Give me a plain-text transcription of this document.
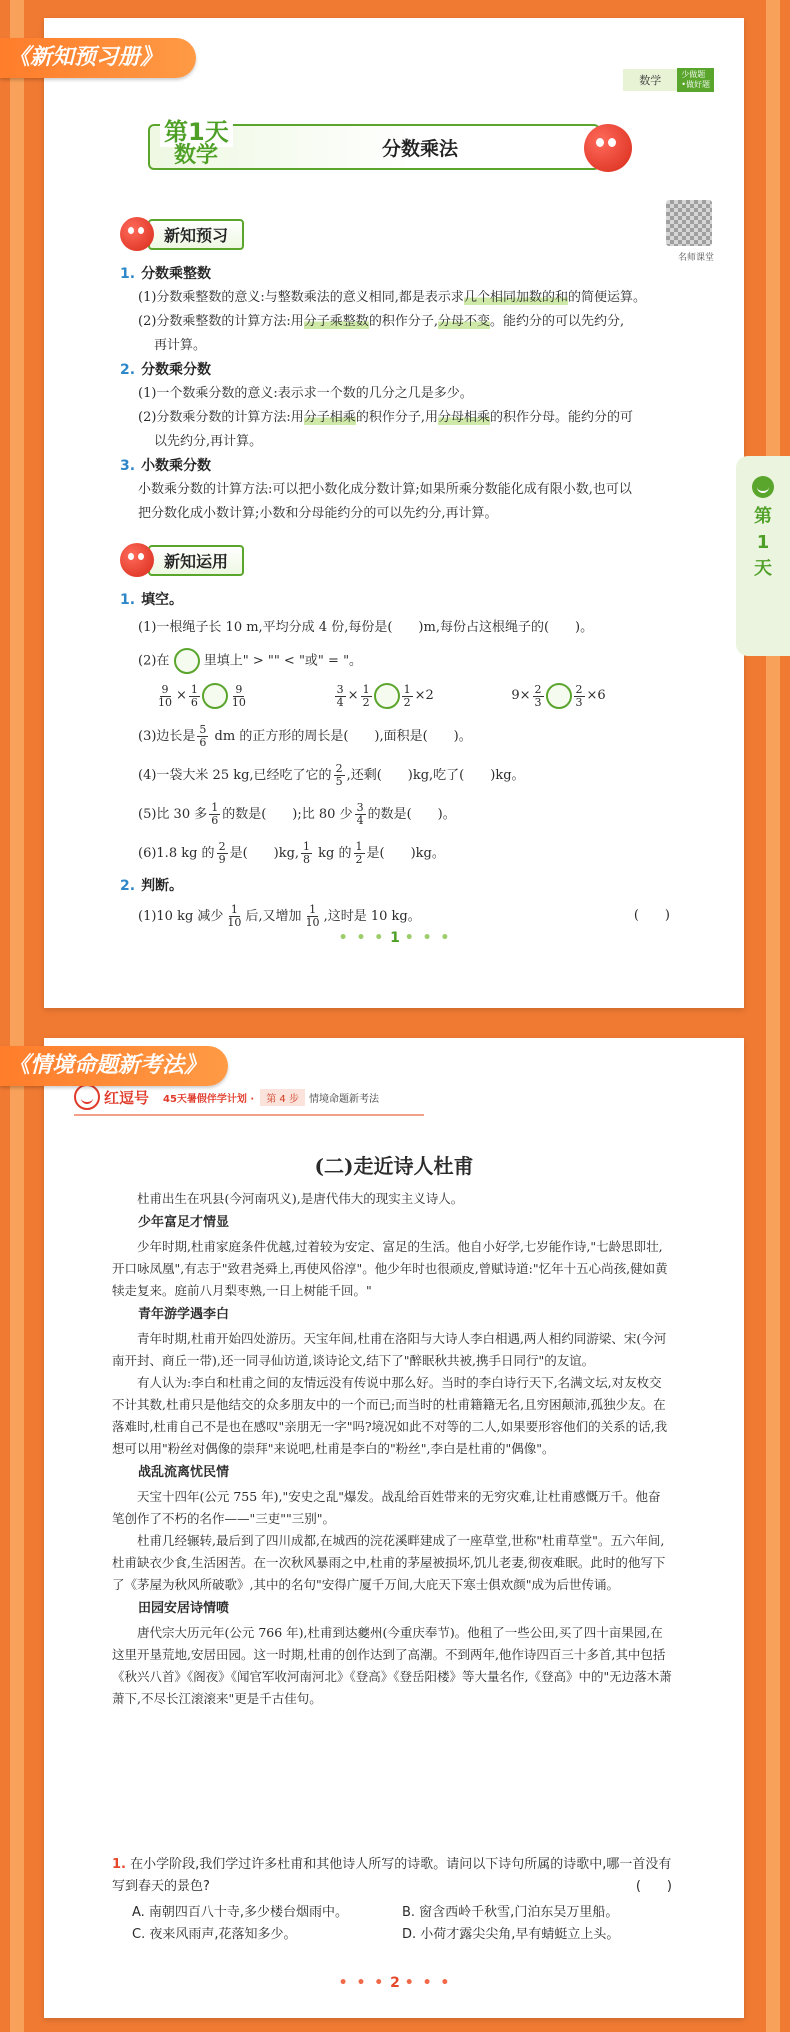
《新知预习册》
数学	少做题
•做好题
第1天
数学	分数乘法
名师课堂
新知预习
1. 分数乘整数
(1)分数乘整数的意义:与整数乘法的意义相同,都是表示求几个相同加数的和的简便运算。
(2)分数乘整数的计算方法:用分子乘整数的积作分子,分母不变。能约分的可以先约分,
再计算。
2. 分数乘分数
(1)一个数乘分数的意义:表示求一个数的几分之几是多少。
(2)分数乘分数的计算方法:用分子相乘的积作分子,用分母相乘的积作分母。能约分的可
以先约分,再计算。
3. 小数乘分数
小数乘分数的计算方法:可以把小数化成分数计算;如果所乘分数能化成有限小数,也可以
把分数化成小数计算;小数和分母能约分的可以先约分,再计算。	第
1
天
新知运用
1. 填空。
(1)一根绳子长 10 m,平均分成 4 份,每份是(　　)m,每份占这根绳子的(　　)。
(2)在	里填上" > "" < "或" = "。
$\frac{9}{10} \times \frac{1}{6}$	$\frac{9}{10}$	$\frac{3}{4} \times \frac{1}{2}$	$\frac{1}{2} \times 2$	$9\times \frac{2}{3}$	$\frac{2}{3} \times 6$
(3)边长是 $\frac{5}{6}$ dm 的正方形的周长是(　　),面积是(　　)。
(4)一袋大米 25 kg,已经吃了它的 $\frac{2}{5}$ ,还剩(　　)kg,吃了(　　)kg。
(5)比 30 多 $\frac{1}{6}$ 的数是(　　);比 80 少 $\frac{3}{4}$ 的数是(　　)。
(6)1.8 kg 的 $\frac{2}{9}$ 是(　　)kg, $\frac{1}{8}$ kg 的 $\frac{1}{2}$ 是(　　)kg。
2. 判断。
(1)10 kg 减少 $\frac{1}{10}$ 后,又增加 $\frac{1}{10}$ ,这时是 10 kg。	(　　)
• • • 1 • • •
《情境命题新考法》
红逗号 45天暑假伴学计划 ·	第 4 步	情境命题新考法
(二)走近诗人杜甫

杜甫出生在巩县(今河南巩义),是唐代伟大的现实主义诗人。

少年富足才情显

少年时期,杜甫家庭条件优越,过着较为安定、富足的生活。他自小好学,七岁能作诗,"七龄思即壮,开口咏凤凰",有志于"致君尧舜上,再使风俗淳"。他少年时也很顽皮,曾赋诗道:"忆年十五心尚孩,健如黄犊走复来。庭前八月梨枣熟,一日上树能千回。"

青年游学遇李白

青年时期,杜甫开始四处游历。天宝年间,杜甫在洛阳与大诗人李白相遇,两人相约同游梁、宋(今河南开封、商丘一带),还一同寻仙访道,谈诗论文,结下了"醉眠秋共被,携手日同行"的友谊。

有人认为:李白和杜甫之间的友情远没有传说中那么好。当时的李白诗行天下,名满文坛,对友枚交不计其数,杜甫只是他结交的众多朋友中的一个而已;而当时的杜甫籍籍无名,且穷困颠沛,孤独少友。在落难时,杜甫自己不是也在感叹"亲朋无一字"吗?境况如此不对等的二人,如果要形容他们的关系的话,我想可以用"粉丝对偶像的崇拜"来说吧,杜甫是李白的"粉丝",李白是杜甫的"偶像"。

战乱流离忧民情

天宝十四年(公元 755 年),"安史之乱"爆发。战乱给百姓带来的无穷灾难,让杜甫感慨万千。他奋笔创作了不朽的名作——"三吏""三别"。

杜甫几经辗转,最后到了四川成都,在城西的浣花溪畔建成了一座草堂,世称"杜甫草堂"。五六年间,杜甫缺衣少食,生活困苦。在一次秋风暴雨之中,杜甫的茅屋被损坏,饥儿老妻,彻夜难眠。此时的他写下了《茅屋为秋风所破歌》,其中的名句"安得广厦千万间,大庇天下寒士俱欢颜"成为后世传诵。

田园安居诗情喷

唐代宗大历元年(公元 766 年),杜甫到达夔州(今重庆奉节)。他租了一些公田,买了四十亩果园,在这里开垦荒地,安居田园。这一时期,杜甫的创作达到了高潮。不到两年,他作诗四百三十多首,其中包括《秋兴八首》《阁夜》《闻官军收河南河北》《登高》《登岳阳楼》等大量名作,《登高》中的"无边落木萧萧下,不尽长江滚滚来"更是千古佳句。

1. 在小学阶段,我们学过许多杜甫和其他诗人所写的诗歌。请问以下诗句所属的诗歌中,哪一首没有写到春天的景色?	(　　)
A. 南朝四百八十寺,多少楼台烟雨中。	B. 窗含西岭千秋雪,门泊东吴万里船。
C. 夜来风雨声,花落知多少。	D. 小荷才露尖尖角,早有蜻蜓立上头。
• • • 2 • • •
